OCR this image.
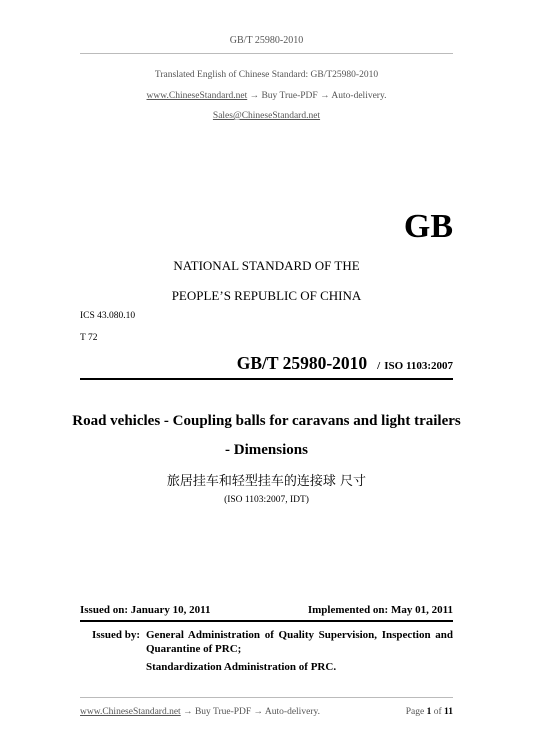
GB/T 25980-2010
Translated English of Chinese Standard: GB/T25980-2010
www.ChineseStandard.net → Buy True-PDF → Auto-delivery.
Sales@ChineseStandard.net
GB
NATIONAL STANDARD OF THE
PEOPLE’S REPUBLIC OF CHINA
ICS 43.080.10
T 72
GB/T 25980-2010 / ISO 1103:2007
Road vehicles - Coupling balls for caravans and light trailers
- Dimensions
旅居挂车和轻型挂车的连接球 尺寸
(ISO 1103:2007, IDT)
Issued on: January 10, 2011	Implemented on: May 01, 2011
Issued by: General Administration of Quality Supervision, Inspection and Quarantine of PRC;
Standardization Administration of PRC.
www.ChineseStandard.net → Buy True-PDF → Auto-delivery.	Page 1 of 11
